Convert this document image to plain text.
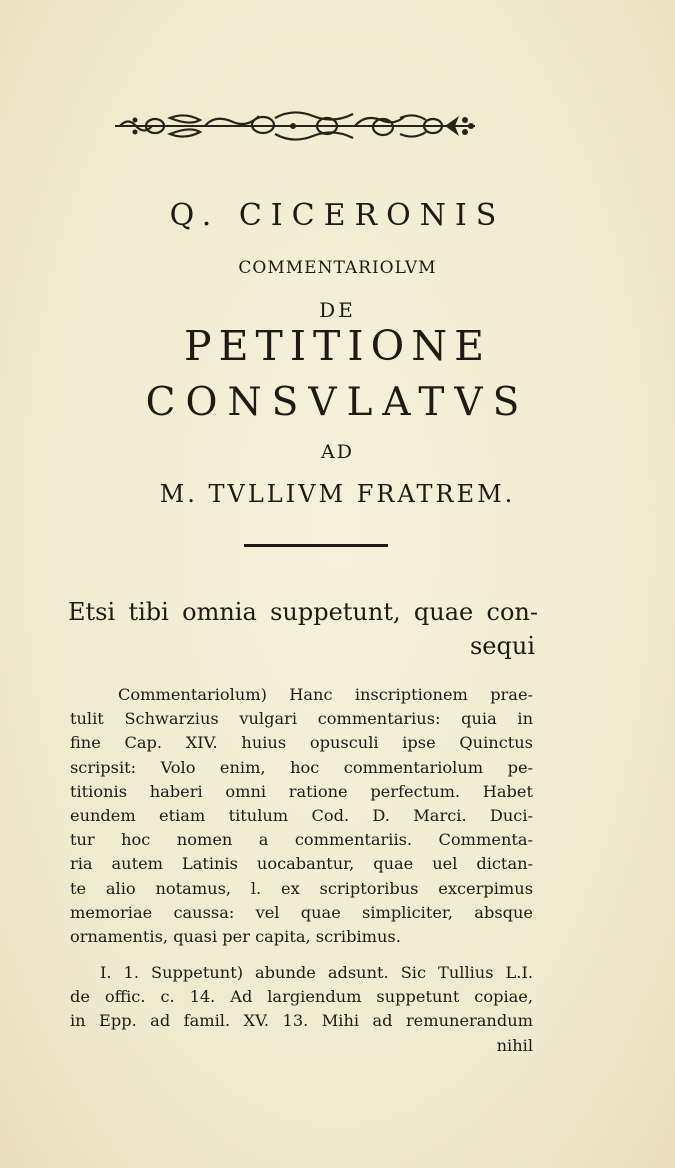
Q. CICERONIS
COMMENTARIOLVM
DE
PETITIONE
CONSVLATVS
AD
M. TVLLIVM FRATREM.
Etsi tibi omnia suppetunt, quae con-
sequi
Commentariolum) Hanc inscriptionem prae-
tulit Schwarzius vulgari commentarius: quia in
fine Cap. XIV. huius opusculi ipse Quinctus
scripsit: Volo enim, hoc commentariolum pe-
titionis haberi omni ratione perfectum. Habet
eundem etiam titulum Cod. D. Marci. Duci-
tur hoc nomen a commentariis. Commenta-
ria autem Latinis uocabantur, quae uel dictan-
te alio notamus, l. ex scriptoribus excerpimus
memoriae caussa: vel quae simpliciter, absque
ornamentis, quasi per capita, scribimus.
I. 1. Suppetunt) abunde adsunt. Sic Tullius L.I.
de offic. c. 14. Ad largiendum suppetunt copiae,
in Epp. ad famil. XV. 13. Mihi ad remunerandum
nihil
